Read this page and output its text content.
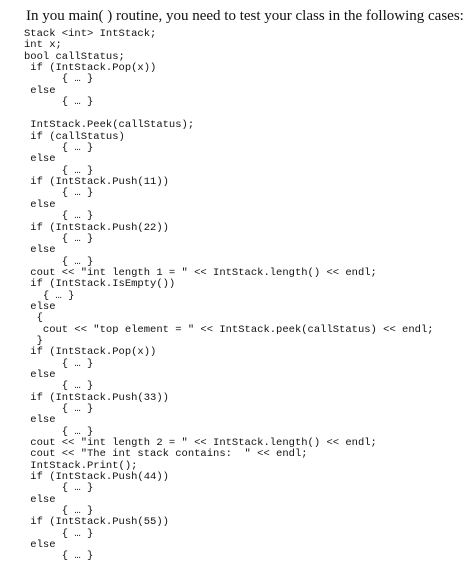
In you main( ) routine, you need to test your class in the following cases:
Stack <int> IntStack;
int x;
bool callStatus;
if (IntStack.Pop(x))
{ … }
else
{ … }
IntStack.Peek(callStatus);
if (callStatus)
{ … }
else
{ … }
if (IntStack.Push(11))
{ … }
else
{ … }
if (IntStack.Push(22))
{ … }
else
{ … }
cout << "int length 1 = " << IntStack.length() << endl;
if (IntStack.IsEmpty())
{ … }
else
{
cout << "top element = " << IntStack.peek(callStatus) << endl;
}
if (IntStack.Pop(x))
{ … }
else
{ … }
if (IntStack.Push(33))
{ … }
else
{ … }
cout << "int length 2 = " << IntStack.length() << endl;
cout << "The int stack contains:  " << endl;
IntStack.Print();
if (IntStack.Push(44))
{ … }
else
{ … }
if (IntStack.Push(55))
{ … }
else
{ … }
